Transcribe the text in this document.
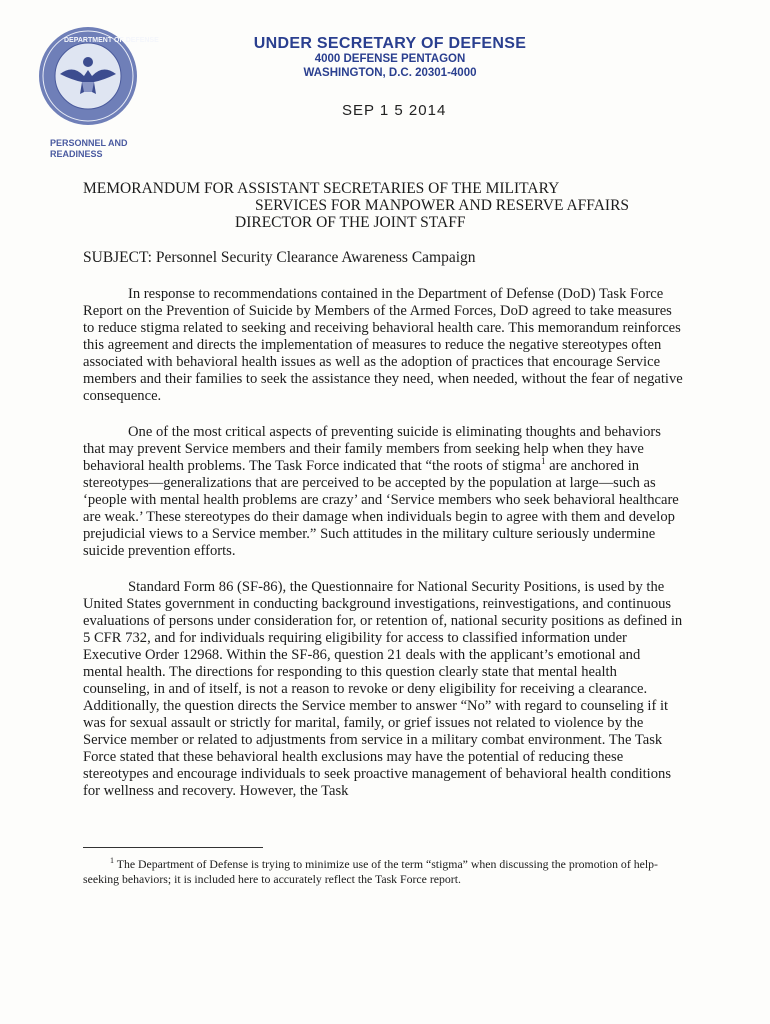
DEPARTMENT OF DEFENSE	UNDER SECRETARY OF DEFENSE
4000 DEFENSE PENTAGON
WASHINGTON, D.C. 20301-4000
SEP 1 5 2014
PERSONNEL AND
READINESS
MEMORANDUM FOR ASSISTANT SECRETARIES OF THE MILITARY
SERVICES FOR MANPOWER AND RESERVE AFFAIRS
DIRECTOR OF THE JOINT STAFF
SUBJECT: Personnel Security Clearance Awareness Campaign

In response to recommendations contained in the Department of Defense (DoD) Task Force Report on the Prevention of Suicide by Members of the Armed Forces, DoD agreed to take measures to reduce stigma related to seeking and receiving behavioral health care. This memorandum reinforces this agreement and directs the implementation of measures to reduce the negative stereotypes often associated with behavioral health issues as well as the adoption of practices that encourage Service members and their families to seek the assistance they need, when needed, without the fear of negative consequence.

One of the most critical aspects of preventing suicide is eliminating thoughts and behaviors that may prevent Service members and their family members from seeking help when they have behavioral health problems. The Task Force indicated that “the roots of stigma$^1$ are anchored in stereotypes—generalizations that are perceived to be accepted by the population at large—such as ‘people with mental health problems are crazy’ and ‘Service members who seek behavioral healthcare are weak.’ These stereotypes do their damage when individuals begin to agree with them and develop prejudicial views to a Service member.” Such attitudes in the military culture seriously undermine suicide prevention efforts.

Standard Form 86 (SF-86), the Questionnaire for National Security Positions, is used by the United States government in conducting background investigations, reinvestigations, and continuous evaluations of persons under consideration for, or retention of, national security positions as defined in 5 CFR 732, and for individuals requiring eligibility for access to classified information under Executive Order 12968. Within the SF-86, question 21 deals with the applicant’s emotional and mental health. The directions for responding to this question clearly state that mental health counseling, in and of itself, is not a reason to revoke or deny eligibility for receiving a clearance. Additionally, the question directs the Service member to answer “No” with regard to counseling if it was for sexual assault or strictly for marital, family, or grief issues not related to violence by the Service member or related to adjustments from service in a military combat environment. The Task Force stated that these behavioral health exclusions may have the potential of reducing these stereotypes and encourage individuals to seek proactive management of behavioral health conditions for wellness and recovery. However, the Task

$^1$ The Department of Defense is trying to minimize use of the term “stigma” when discussing the promotion of help-seeking behaviors; it is included here to accurately reflect the Task Force report.
